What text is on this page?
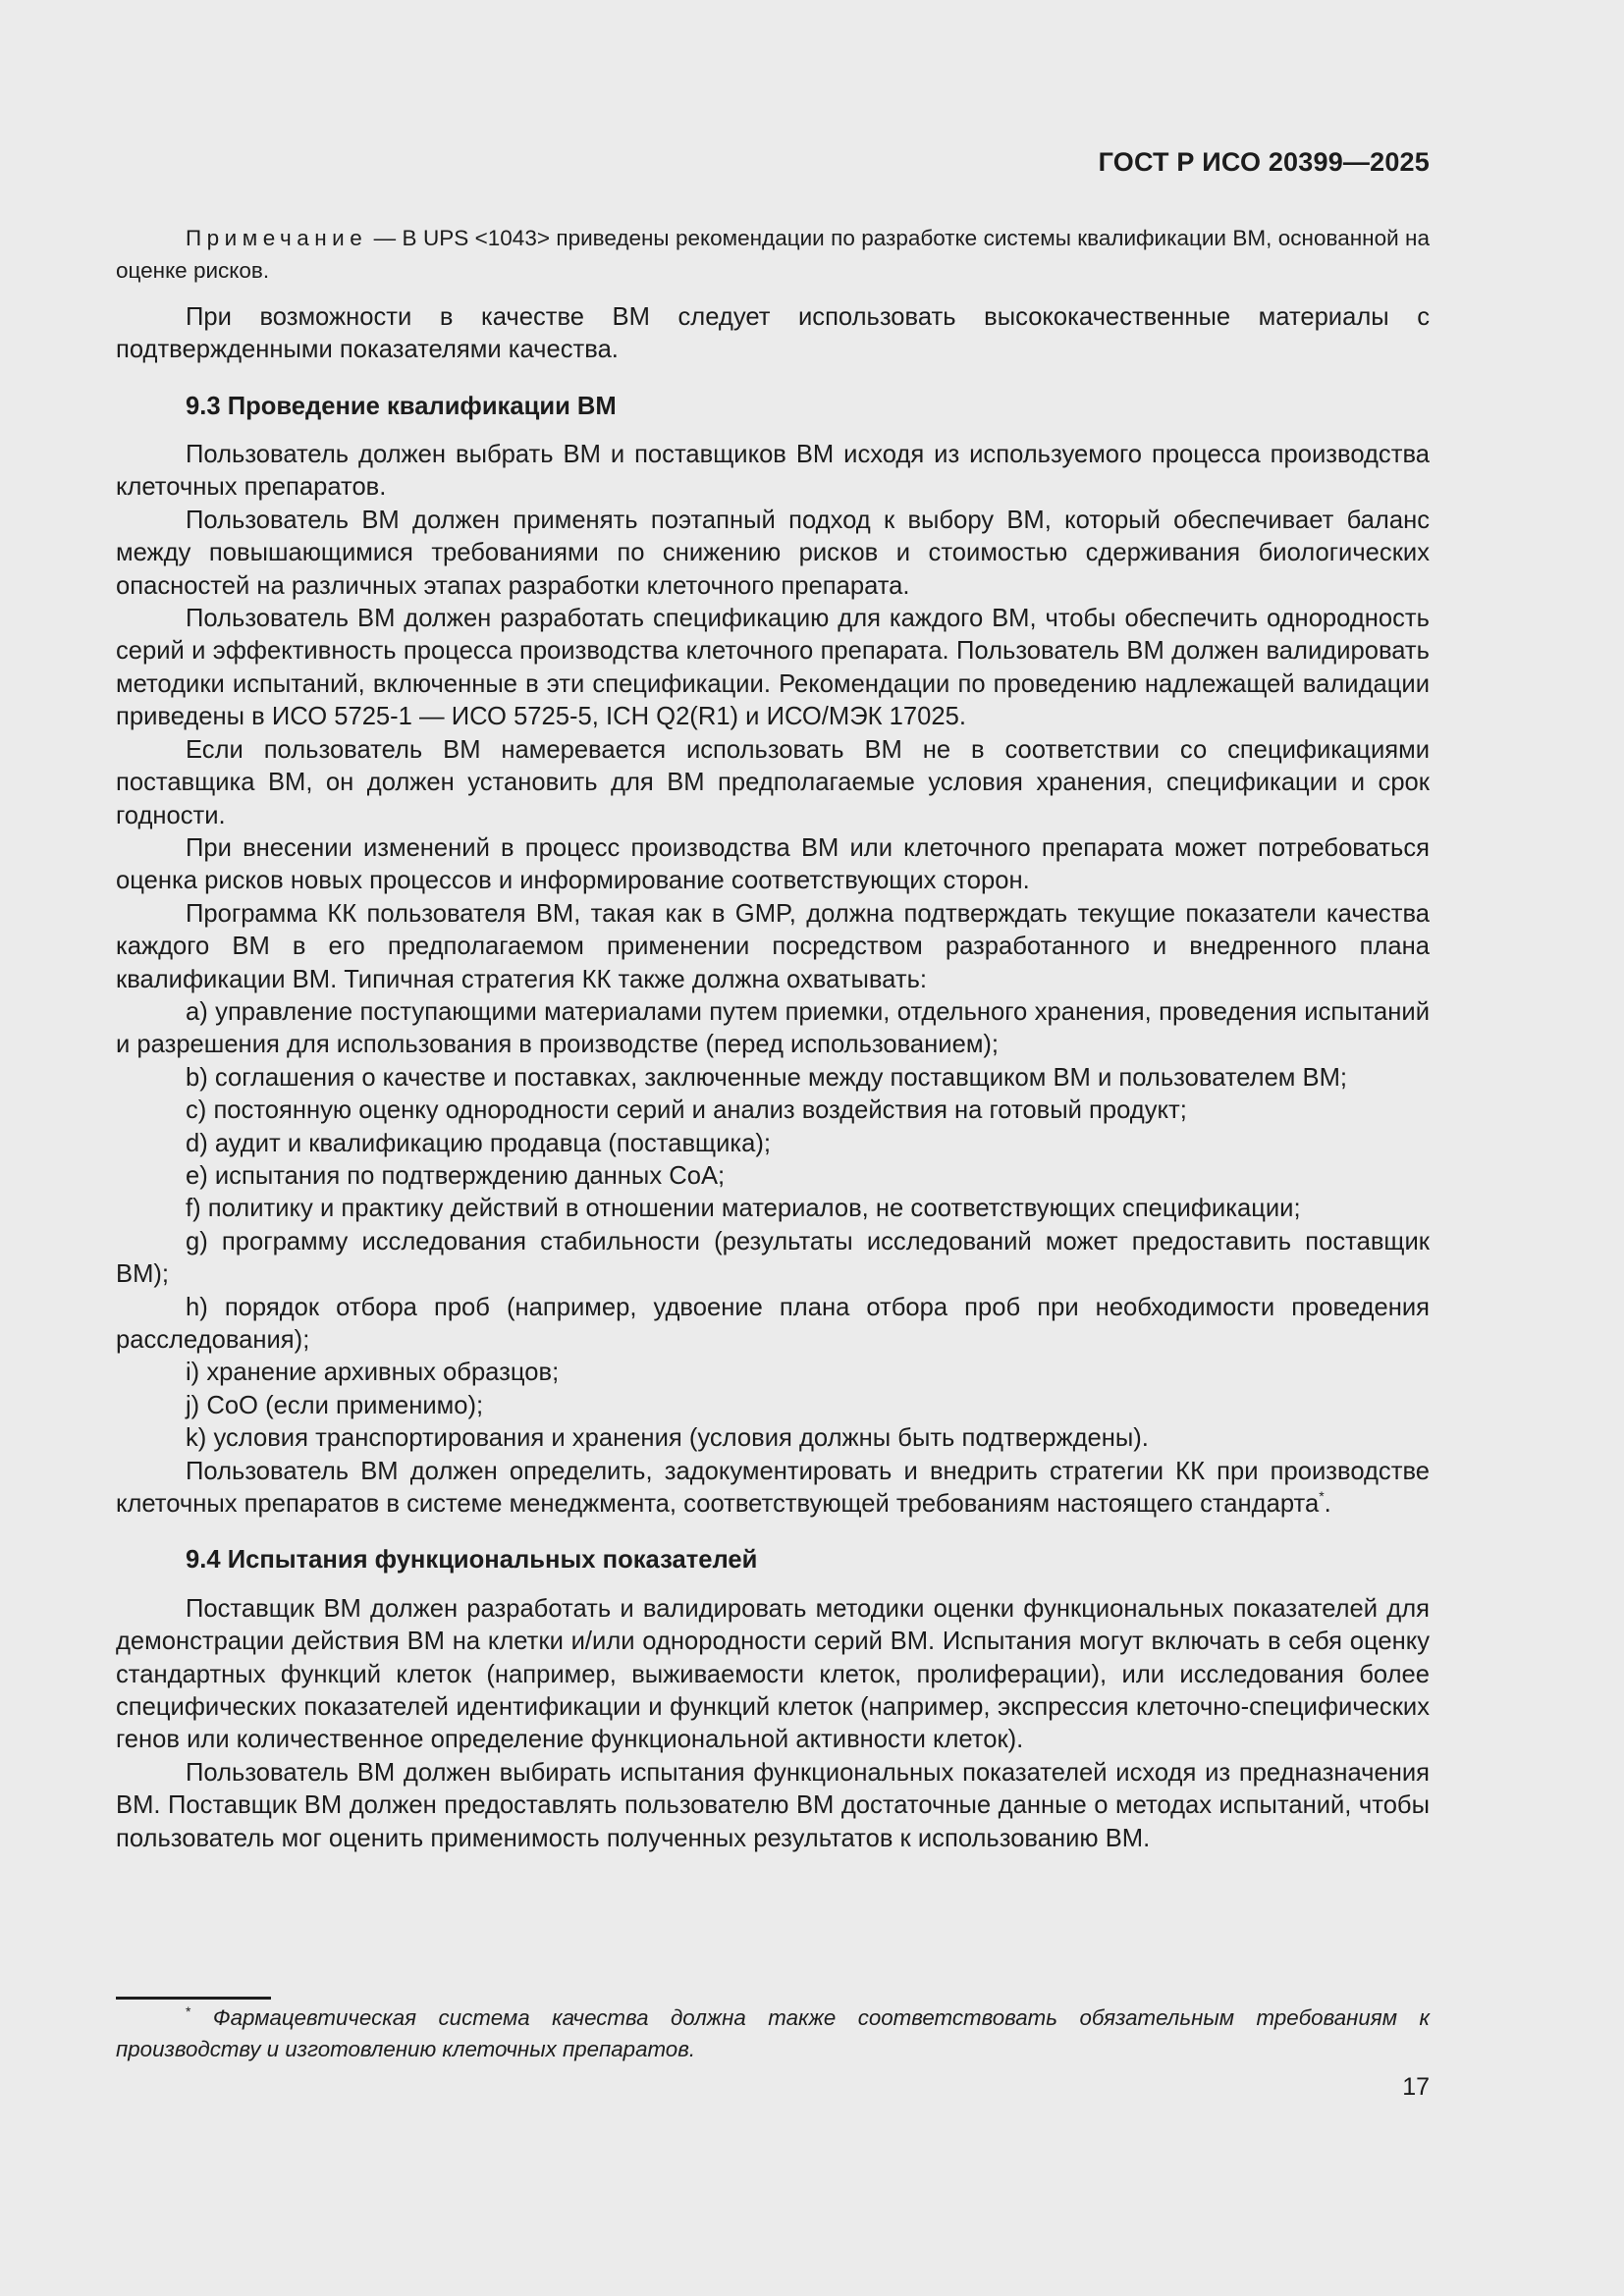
ГОСТ Р ИСО 20399—2025

Примечание — В UPS <1043> приведены рекомендации по разработке системы квалификации ВМ, основанной на оценке рисков.

При возможности в качестве ВМ следует использовать высококачественные материалы с подтвержденными показателями качества.

9.3 Проведение квалификации ВМ

Пользователь должен выбрать ВМ и поставщиков ВМ исходя из используемого процесса производства клеточных препаратов.

Пользователь ВМ должен применять поэтапный подход к выбору ВМ, который обеспечивает баланс между повышающимися требованиями по снижению рисков и стоимостью сдерживания биологических опасностей на различных этапах разработки клеточного препарата.

Пользователь ВМ должен разработать спецификацию для каждого ВМ, чтобы обеспечить однородность серий и эффективность процесса производства клеточного препарата. Пользователь ВМ должен валидировать методики испытаний, включенные в эти спецификации. Рекомендации по проведению надлежащей валидации приведены в ИСО 5725-1 — ИСО 5725-5, ICH Q2(R1) и ИСО/МЭК 17025.

Если пользователь ВМ намеревается использовать ВМ не в соответствии со спецификациями поставщика ВМ, он должен установить для ВМ предполагаемые условия хранения, спецификации и срок годности.

При внесении изменений в процесс производства ВМ или клеточного препарата может потребоваться оценка рисков новых процессов и информирование соответствующих сторон.

Программа КК пользователя ВМ, такая как в GMP, должна подтверждать текущие показатели качества каждого ВМ в его предполагаемом применении посредством разработанного и внедренного плана квалификации ВМ. Типичная стратегия КК также должна охватывать:

a) управление поступающими материалами путем приемки, отдельного хранения, проведения испытаний и разрешения для использования в производстве (перед использованием);

b) соглашения о качестве и поставках, заключенные между поставщиком ВМ и пользователем ВМ;

c) постоянную оценку однородности серий и анализ воздействия на готовый продукт;

d) аудит и квалификацию продавца (поставщика);

e) испытания по подтверждению данных CoA;

f) политику и практику действий в отношении материалов, не соответствующих спецификации;

g) программу исследования стабильности (результаты исследований может предоставить поставщик ВМ);

h) порядок отбора проб (например, удвоение плана отбора проб при необходимости проведения расследования);

i) хранение архивных образцов;

j) CoO (если применимо);

k) условия транспортирования и хранения (условия должны быть подтверждены).

Пользователь ВМ должен определить, задокументировать и внедрить стратегии КК при производстве клеточных препаратов в системе менеджмента, соответствующей требованиям настоящего стандарта*.

9.4 Испытания функциональных показателей

Поставщик ВМ должен разработать и валидировать методики оценки функциональных показателей для демонстрации действия ВМ на клетки и/или однородности серий ВМ. Испытания могут включать в себя оценку стандартных функций клеток (например, выживаемости клеток, пролиферации), или исследования более специфических показателей идентификации и функций клеток (например, экспрессия клеточно-специфических генов или количественное определение функциональной активности клеток).

Пользователь ВМ должен выбирать испытания функциональных показателей исходя из предназначения ВМ. Поставщик ВМ должен предоставлять пользователю ВМ достаточные данные о методах испытаний, чтобы пользователь мог оценить применимость полученных результатов к использованию ВМ.

* Фармацевтическая система качества должна также соответствовать обязательным требованиям к производству и изготовлению клеточных препаратов.
17
